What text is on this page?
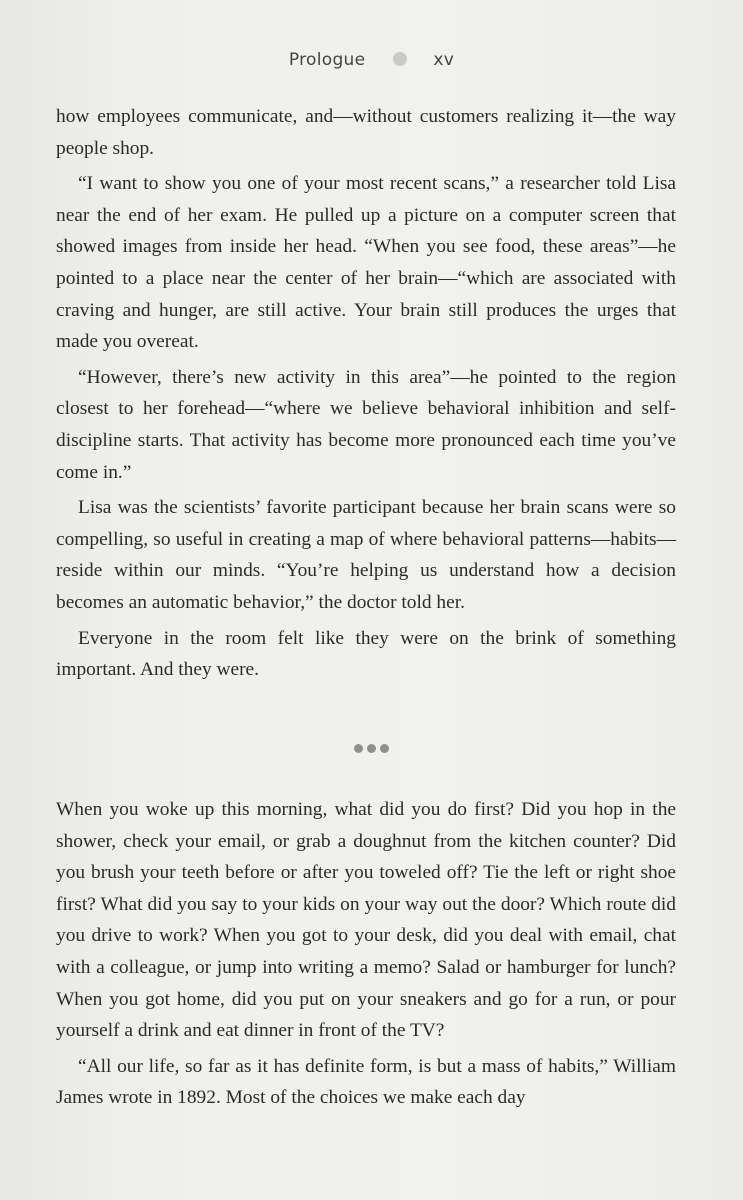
Prologue	xv

how employees communicate, and—without customers realizing it—the way people shop.

“I want to show you one of your most recent scans,” a researcher told Lisa near the end of her exam. He pulled up a picture on a computer screen that showed images from inside her head. “When you see food, these areas”—he pointed to a place near the center of her brain—“which are associated with craving and hunger, are still active. Your brain still produces the urges that made you overeat.

“However, there’s new activity in this area”—he pointed to the region closest to her forehead—“where we believe behavioral inhibition and self-discipline starts. That activity has become more pronounced each time you’ve come in.”

Lisa was the scientists’ favorite participant because her brain scans were so compelling, so useful in creating a map of where behavioral patterns—habits—reside within our minds. “You’re helping us understand how a decision becomes an automatic behavior,” the doctor told her.

Everyone in the room felt like they were on the brink of something important. And they were.

When you woke up this morning, what did you do first? Did you hop in the shower, check your email, or grab a doughnut from the kitchen counter? Did you brush your teeth before or after you toweled off? Tie the left or right shoe first? What did you say to your kids on your way out the door? Which route did you drive to work? When you got to your desk, did you deal with email, chat with a colleague, or jump into writing a memo? Salad or hamburger for lunch? When you got home, did you put on your sneakers and go for a run, or pour yourself a drink and eat dinner in front of the TV?

“All our life, so far as it has definite form, is but a mass of habits,” William James wrote in 1892. Most of the choices we make each day
